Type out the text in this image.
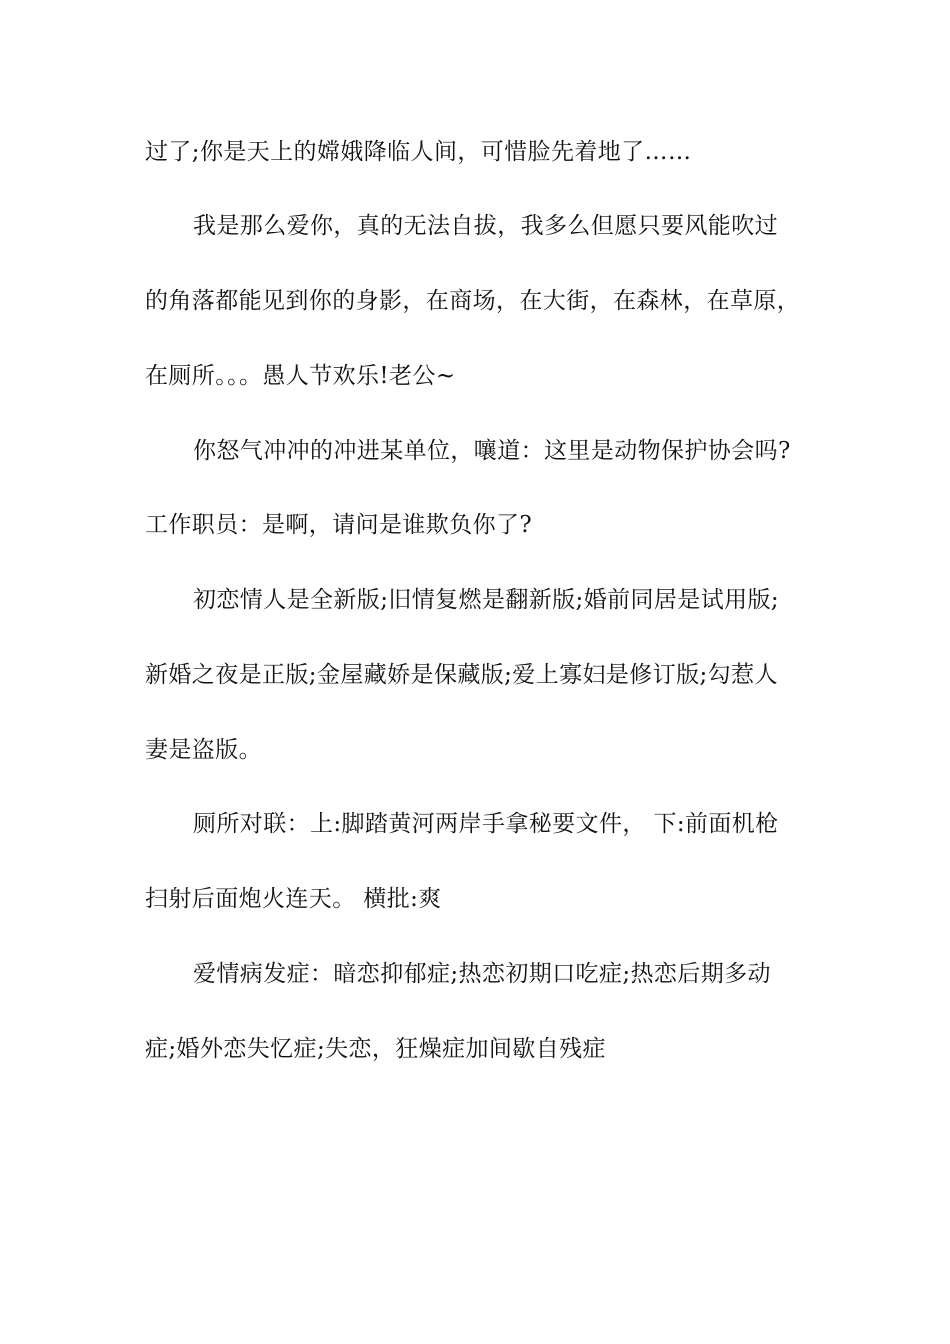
过了;你是天上的嫦娥降临人间，可惜脸先着地了……
我是那么爱你，真的无法自拔，我多么但愿只要风能吹过
的角落都能见到你的身影，在商场，在大街，在森林，在草原，
在厕所。。。愚人节欢乐!老公~
你怒气冲冲的冲进某单位，嚷道：这里是动物保护协会吗?
工作职员：是啊，请问是谁欺负你了?
初恋情人是全新版;旧情复燃是翻新版;婚前同居是试用版;
新婚之夜是正版;金屋藏娇是保藏版;爱上寡妇是修订版;勾惹人
妻是盗版。
厕所对联：上:脚踏黄河两岸手拿秘要文件， 下:前面机枪
扫射后面炮火连天。 横批:爽
爱情病发症：暗恋抑郁症;热恋初期口吃症;热恋后期多动
症;婚外恋失忆症;失恋，狂燥症加间歇自残症
